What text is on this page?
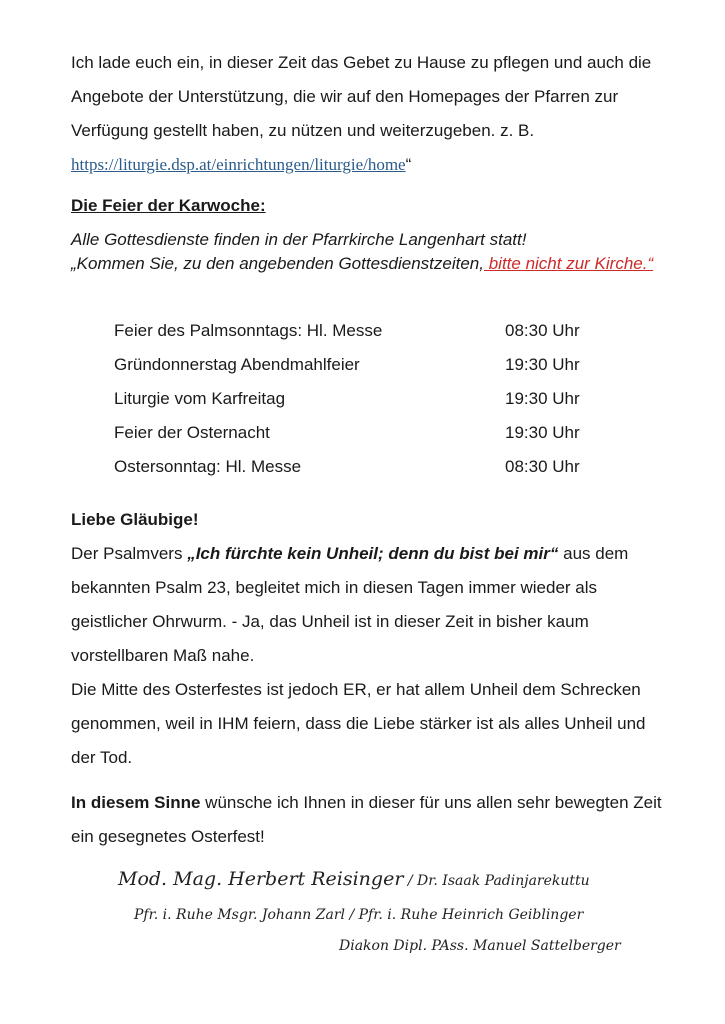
Ich lade euch ein, in dieser Zeit das Gebet zu Hause zu pflegen und auch die Angebote der Unterstützung, die wir auf den Homepages der Pfarren zur Verfügung gestellt haben, zu nützen und weiterzugeben. z. B. https://liturgie.dsp.at/einrichtungen/liturgie/home“

Die Feier der Karwoche:

Alle Gottesdienste finden in der Pfarrkirche Langenhart statt!
„Kommen Sie, zu den angebenden Gottesdienstzeiten, bitte nicht zur Kirche.“

Feier des Palmsonntags: Hl. Messe	08:30 Uhr
Gründonnerstag Abendmahlfeier	19:30 Uhr
Liturgie vom Karfreitag	19:30 Uhr
Feier der Osternacht	19:30 Uhr
Ostersonntag: Hl. Messe	08:30 Uhr
Liebe Gläubige!

Der Psalmvers „Ich fürchte kein Unheil; denn du bist bei mir“ aus dem bekannten Psalm 23, begleitet mich in diesen Tagen immer wieder als geistlicher Ohrwurm. - Ja, das Unheil ist in dieser Zeit in bisher kaum vorstellbaren Maß nahe.
Die Mitte des Osterfestes ist jedoch ER, er hat allem Unheil dem Schrecken genommen, weil in IHM feiern, dass die Liebe stärker ist als alles Unheil und der Tod.

In diesem Sinne wünsche ich Ihnen in dieser für uns allen sehr bewegten Zeit ein gesegnetes Osterfest!

Mod. Mag. Herbert Reisinger / Dr. Isaak Padinjarekuttu

Pfr. i. Ruhe Msgr. Johann Zarl / Pfr. i. Ruhe Heinrich Geiblinger

Diakon Dipl. PAss. Manuel Sattelberger
